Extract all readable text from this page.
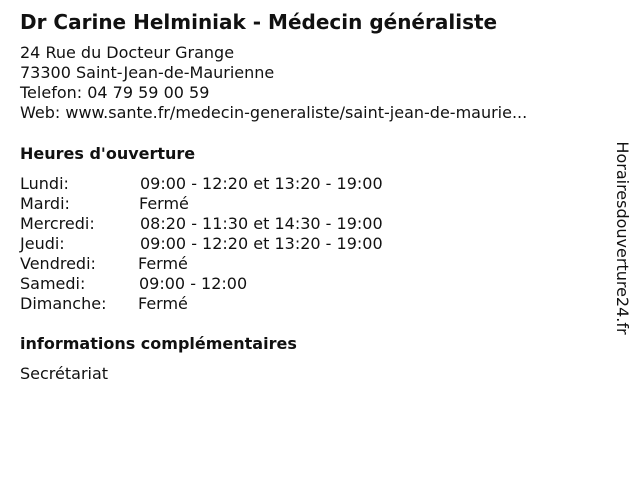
Dr Carine Helminiak - Médecin généraliste
24 Rue du Docteur Grange
73300 Saint-Jean-de-Maurienne
Telefon: 04 79 59 00 59
Web: www.sante.fr/medecin-generaliste/saint-jean-de-maurie...
Heures d'ouverture
Lundi:	09:00 - 12:20 et 13:20 - 19:00
Mardi:	Fermé
Mercredi:	08:20 - 11:30 et 14:30 - 19:00
Jeudi:	09:00 - 12:20 et 13:20 - 19:00
Vendredi:	Fermé
Samedi:	09:00 - 12:00
Dimanche: Fermé
informations complémentaires
Secrétariat
Horairesdouverture24.fr
